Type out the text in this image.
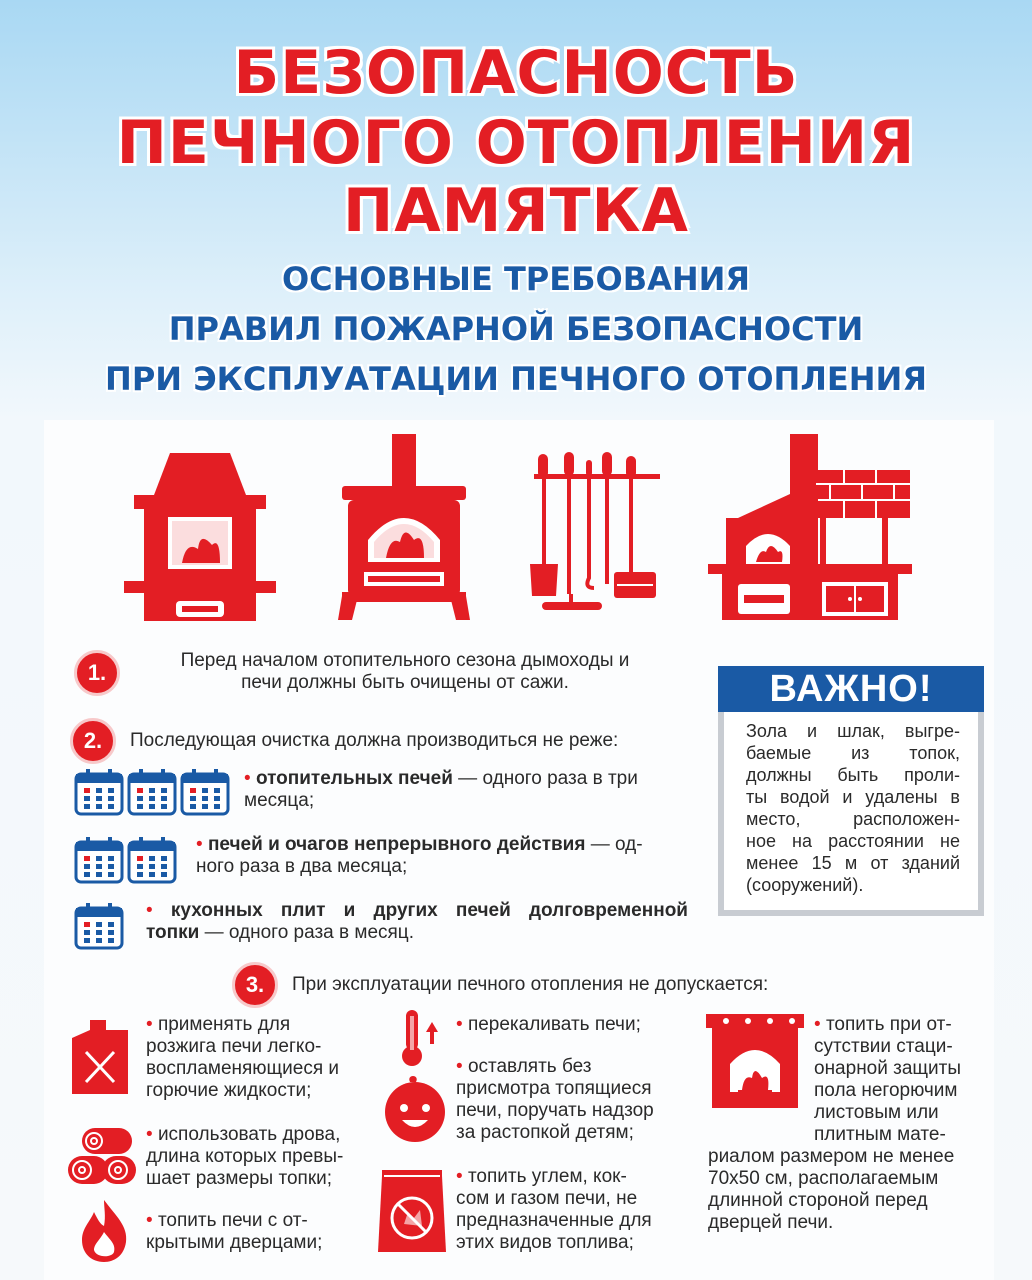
БЕЗОПАСНОСТЬ
ПЕЧНОГО ОТОПЛЕНИЯ
ПАМЯТКА
ОСНОВНЫЕ ТРЕБОВАНИЯ
ПРАВИЛ ПОЖАРНОЙ БЕЗОПАСНОСТИ
ПРИ ЭКСПЛУАТАЦИИ ПЕЧНОГО ОТОПЛЕНИЯ
1.	Перед началом отопительного сезона дымоходы и
печи должны быть очищены от сажи.
2.	Последующая очистка должна производиться не реже:
• отопительных печей — одного раза в три
месяца;
• печей и очагов непрерывного действия — од-
ного раза в два месяца;
• кухонных плит и других печей долговременной
топки — одного раза в месяц.
ВАЖНО!
Зола и шлак, выгре-
баемые из топок,
должны быть проли-
ты водой и удалены в
место, расположен-
ное на расстоянии не
менее 15 м от зданий
(сооружений).
3.	При эксплуатации печного отопления не допускается:
• применять для
розжига печи легко-
воспламеняющиеся и
горючие жидкости;
• использовать дрова,
длина которых превы-
шает размеры топки;
• топить печи с от-
крытыми дверцами;
• перекаливать печи;
• оставлять без
присмотра топящиеся
печи, поручать надзор
за растопкой детям;
• топить углем, кок-
сом и газом печи, не
предназначенные для
этих видов топлива;
• топить при от-
сутствии стаци-
онарной защиты
пола негорючим
листовым или
плитным мате-
риалом размером не менее
70х50 см, располагаемым
длинной стороной перед
дверцей печи.
